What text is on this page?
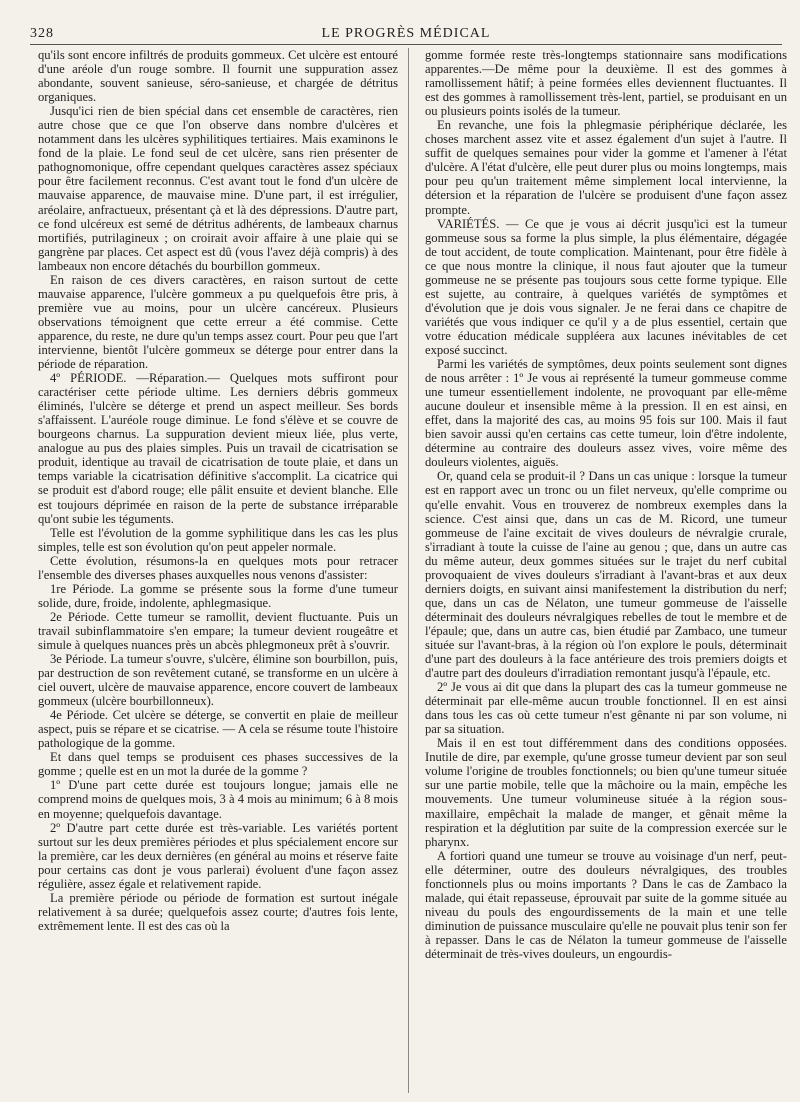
328	LE PROGRÈS MÉDICAL

qu'ils sont encore infiltrés de produits gommeux. Cet ulcère est entouré d'une aréole d'un rouge sombre. Il fournit une suppuration assez abondante, souvent sanieuse, séro-sanieuse, et chargée de détritus organiques.

Jusqu'ici rien de bien spécial dans cet ensemble de caractères, rien autre chose que ce que l'on observe dans nombre d'ulcères et notamment dans les ulcères syphilitiques tertiaires. Mais examinons le fond de la plaie. Le fond seul de cet ulcère, sans rien présenter de pathognomonique, offre cependant quelques caractères assez spéciaux pour être facilement reconnus. C'est avant tout le fond d'un ulcère de mauvaise apparence, de mauvaise mine. D'une part, il est irrégulier, aréolaire, anfractueux, présentant çà et là des dépressions. D'autre part, ce fond ulcéreux est semé de détritus adhérents, de lambeaux charnus mortifiés, putrilagineux ; on croirait avoir affaire à une plaie qui se gangrène par places. Cet aspect est dû (vous l'avez déjà compris) à des lambeaux non encore détachés du bourbillon gommeux.

En raison de ces divers caractères, en raison surtout de cette mauvaise apparence, l'ulcère gommeux a pu quelquefois être pris, à première vue au moins, pour un ulcère cancéreux. Plusieurs observations témoignent que cette erreur a été commise. Cette apparence, du reste, ne dure qu'un temps assez court. Pour peu que l'art intervienne, bientôt l'ulcère gommeux se déterge pour entrer dans la période de réparation.

4º PÉRIODE. —Réparation.— Quelques mots suffiront pour caractériser cette période ultime. Les derniers débris gommeux éliminés, l'ulcère se déterge et prend un aspect meilleur. Ses bords s'affaissent. L'auréole rouge diminue. Le fond s'élève et se couvre de bourgeons charnus. La suppuration devient mieux liée, plus verte, analogue au pus des plaies simples. Puis un travail de cicatrisation se produit, identique au travail de cicatrisation de toute plaie, et dans un temps variable la cicatrisation définitive s'accomplit. La cicatrice qui se produit est d'abord rouge; elle pâlit ensuite et devient blanche. Elle est toujours déprimée en raison de la perte de substance irréparable qu'ont subie les téguments.

Telle est l'évolution de la gomme syphilitique dans les cas les plus simples, telle est son évolution qu'on peut appeler normale.

Cette évolution, résumons-la en quelques mots pour retracer l'ensemble des diverses phases auxquelles nous venons d'assister:

1re Période. La gomme se présente sous la forme d'une tumeur solide, dure, froide, indolente, aphlegmasique.

2e Période. Cette tumeur se ramollit, devient fluctuante. Puis un travail subinflammatoire s'en empare; la tumeur devient rougeâtre et simule à quelques nuances près un abcès phlegmoneux prêt à s'ouvrir.

3e Période. La tumeur s'ouvre, s'ulcère, élimine son bourbillon, puis, par destruction de son revêtement cutané, se transforme en un ulcère à ciel ouvert, ulcère de mauvaise apparence, encore couvert de lambeaux gommeux (ulcère bourbillonneux).

4e Période. Cet ulcère se déterge, se convertit en plaie de meilleur aspect, puis se répare et se cicatrise. — A cela se résume toute l'histoire pathologique de la gomme.

Et dans quel temps se produisent ces phases successives de la gomme ; quelle est en un mot la durée de la gomme ?

1º D'une part cette durée est toujours longue; jamais elle ne comprend moins de quelques mois, 3 à 4 mois au minimum; 6 à 8 mois en moyenne; quelquefois davantage.

2º D'autre part cette durée est très-variable. Les variétés portent surtout sur les deux premières périodes et plus spécialement encore sur la première, car les deux dernières (en général au moins et réserve faite pour certains cas dont je vous parlerai) évoluent d'une façon assez régulière, assez égale et relativement rapide.

La première période ou période de formation est surtout inégale relativement à sa durée; quelquefois assez courte; d'autres fois lente, extrêmement lente. Il est des cas où la

gomme formée reste très-longtemps stationnaire sans modifications apparentes.—De même pour la deuxième. Il est des gommes à ramollissement hâtif; à peine formées elles deviennent fluctuantes. Il est des gommes à ramollissement très-lent, partiel, se produisant en un ou plusieurs points isolés de la tumeur.

En revanche, une fois la phlegmasie périphérique déclarée, les choses marchent assez vite et assez également d'un sujet à l'autre. Il suffit de quelques semaines pour vider la gomme et l'amener à l'état d'ulcère. A l'état d'ulcère, elle peut durer plus ou moins longtemps, mais pour peu qu'un traitement même simplement local intervienne, la détersion et la réparation de l'ulcère se produisent d'une façon assez prompte.

VARIÉTÉS. — Ce que je vous ai décrit jusqu'ici est la tumeur gommeuse sous sa forme la plus simple, la plus élémentaire, dégagée de tout accident, de toute complication. Maintenant, pour être fidèle à ce que nous montre la clinique, il nous faut ajouter que la tumeur gommeuse ne se présente pas toujours sous cette forme typique. Elle est sujette, au contraire, à quelques variétés de symptômes et d'évolution que je dois vous signaler. Je ne ferai dans ce chapitre de variétés que vous indiquer ce qu'il y a de plus essentiel, certain que votre éducation médicale suppléera aux lacunes inévitables de cet exposé succinct.

Parmi les variétés de symptômes, deux points seulement sont dignes de nous arrêter : 1º Je vous ai représenté la tumeur gommeuse comme une tumeur essentiellement indolente, ne provoquant par elle-même aucune douleur et insensible même à la pression. Il en est ainsi, en effet, dans la majorité des cas, au moins 95 fois sur 100. Mais il faut bien savoir aussi qu'en certains cas cette tumeur, loin d'être indolente, détermine au contraire des douleurs assez vives, voire même des douleurs violentes, aiguës.

Or, quand cela se produit-il ? Dans un cas unique : lorsque la tumeur est en rapport avec un tronc ou un filet nerveux, qu'elle comprime ou qu'elle envahit. Vous en trouverez de nombreux exemples dans la science. C'est ainsi que, dans un cas de M. Ricord, une tumeur gommeuse de l'aine excitait de vives douleurs de névralgie crurale, s'irradiant à toute la cuisse de l'aine au genou ; que, dans un autre cas du même auteur, deux gommes situées sur le trajet du nerf cubital provoquaient de vives douleurs s'irradiant à l'avant-bras et aux deux derniers doigts, en suivant ainsi manifestement la distribution du nerf; que, dans un cas de Nélaton, une tumeur gommeuse de l'aisselle déterminait des douleurs névralgiques rebelles de tout le membre et de l'épaule; que, dans un autre cas, bien étudié par Zambaco, une tumeur située sur l'avant-bras, à la région où l'on explore le pouls, déterminait d'une part des douleurs à la face antérieure des trois premiers doigts et d'autre part des douleurs d'irradiation remontant jusqu'à l'épaule, etc.

2º Je vous ai dit que dans la plupart des cas la tumeur gommeuse ne déterminait par elle-même aucun trouble fonctionnel. Il en est ainsi dans tous les cas où cette tumeur n'est gênante ni par son volume, ni par sa situation.

Mais il en est tout différemment dans des conditions opposées. Inutile de dire, par exemple, qu'une grosse tumeur devient par son seul volume l'origine de troubles fonctionnels; ou bien qu'une tumeur située sur une partie mobile, telle que la mâchoire ou la main, empêche les mouvements. Une tumeur volumineuse située à la région sous-maxillaire, empêchait la malade de manger, et gênait même la respiration et la déglutition par suite de la compression exercée sur le pharynx.

A fortiori quand une tumeur se trouve au voisinage d'un nerf, peut-elle déterminer, outre des douleurs névralgiques, des troubles fonctionnels plus ou moins importants ? Dans le cas de Zambaco la malade, qui était repasseuse, éprouvait par suite de la gomme située au niveau du pouls des engourdissements de la main et une telle diminution de puissance musculaire qu'elle ne pouvait plus tenir son fer à repasser. Dans le cas de Nélaton la tumeur gommeuse de l'aisselle déterminait de très-vives douleurs, un engourdis-
